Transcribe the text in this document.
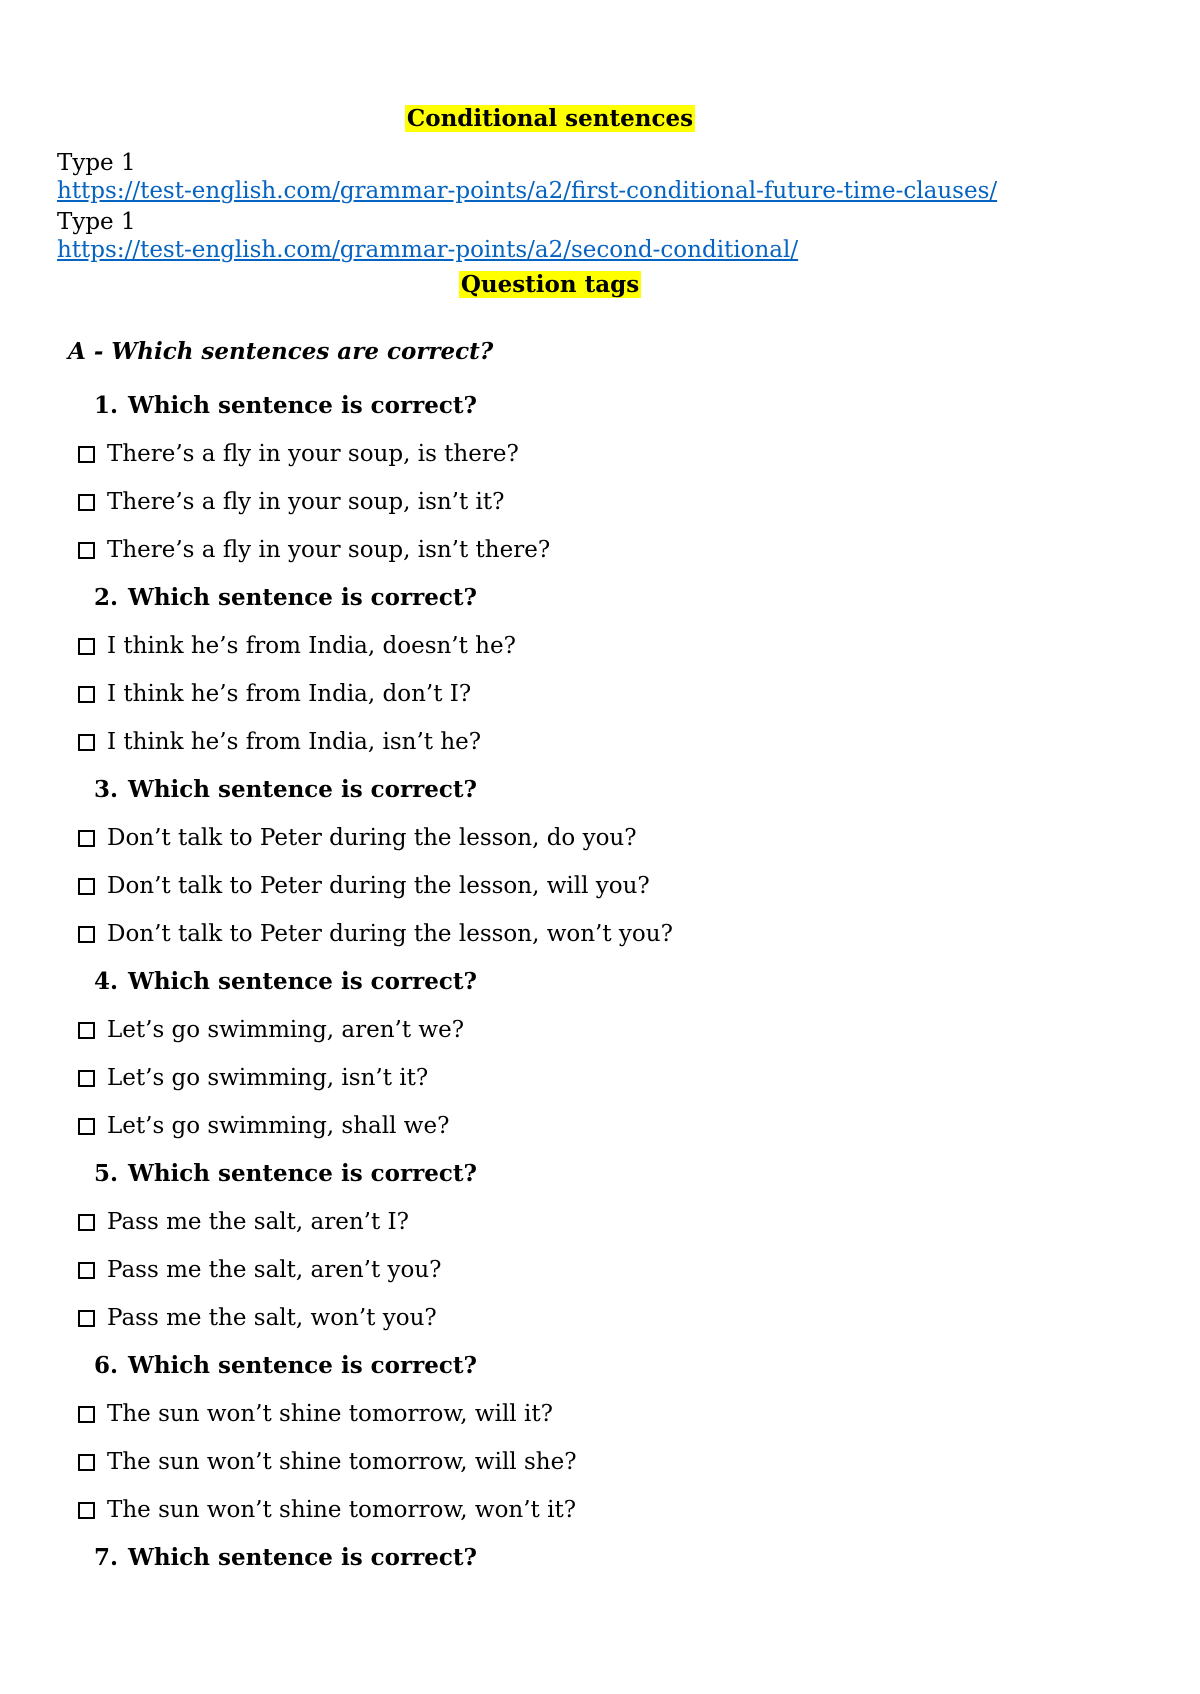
Conditional sentences
Type 1
https://test-english.com/grammar-points/a2/first-conditional-future-time-clauses/
Type 1
https://test-english.com/grammar-points/a2/second-conditional/
Question tags
A - Which sentences are correct?
1. Which sentence is correct?
There’s a fly in your soup, is there?
There’s a fly in your soup, isn’t it?
There’s a fly in your soup, isn’t there?
2. Which sentence is correct?
I think he’s from India, doesn’t he?
I think he’s from India, don’t I?
I think he’s from India, isn’t he?
3. Which sentence is correct?
Don’t talk to Peter during the lesson, do you?
Don’t talk to Peter during the lesson, will you?
Don’t talk to Peter during the lesson, won’t you?
4. Which sentence is correct?
Let’s go swimming, aren’t we?
Let’s go swimming, isn’t it?
Let’s go swimming, shall we?
5. Which sentence is correct?
Pass me the salt, aren’t I?
Pass me the salt, aren’t you?
Pass me the salt, won’t you?
6. Which sentence is correct?
The sun won’t shine tomorrow, will it?
The sun won’t shine tomorrow, will she?
The sun won’t shine tomorrow, won’t it?
7. Which sentence is correct?
